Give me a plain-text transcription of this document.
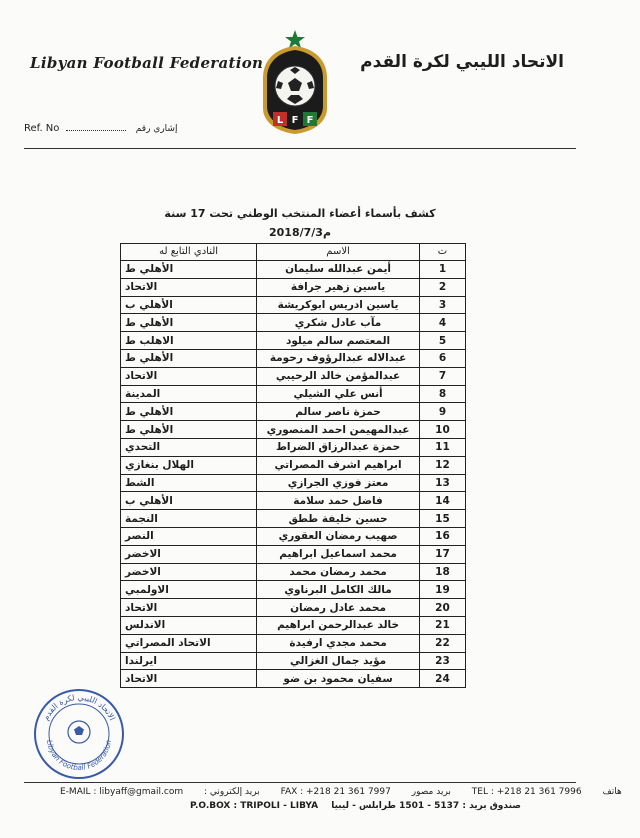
Libyan Football Federation
L F F
الاتحاد الليبي لكرة القدم
Ref. No	إشاري رقم
كشف بأسماء أعضاء المنتخب الوطني تحت 17 سنة
2018/7/3م
ت	الاسم	النادي التابع له
1	أيمن عبدالله سليمان	الأهلي ط
2	ياسين زهير جرافة	الاتحاد
3	ياسين ادريس ابوكريشة	الأهلي ب
4	مآب عادل شكري	الأهلي ط
5	المعتصم سالم ميلود	الاهلب ط
6	عبدالاله عبدالرؤوف رحومة	الأهلي ط
7	عبدالمؤمن خالد الرحيبي	الاتحاد
8	أنس علي الشيلي	المدينة
9	حمزة ناصر سالم	الأهلي ط
10	عبدالمهيمن احمد المنصوري	الأهلي ط
11	حمزة عبدالرزاق الضراط	التحدي
12	ابراهيم اشرف المصراتي	الهلال بنغازي
13	معتز فوزي الجرازي	الشط
14	فاضل حمد سلامة	الأهلي ب
15	حسين خليفة ططق	النجمة
16	صهيب رمضان العقوري	النصر
17	محمد اسماعيل ابراهيم	الاخضر
18	محمد رمضان محمد	الاخضر
19	مالك الكامل البرناوي	الاولمبي
20	محمد عادل رمضان	الاتحاد
21	خالد عبدالرحمن ابراهيم	الاندلس
22	محمد مجدي ارفيدة	الاتحاد المصراتي
23	مؤيد جمال الغزالي	ايرلندا
24	سفيان محمود بن ضو	الاتحاد
الاتحاد الليبي لكرة القدم
Libyan Football Federation
E-MAIL : libyaff@gmail.com : بريد إلكتروني FAX : +218 21 361 7997 بريد مصور TEL : +218 21 361 7996 هاتف
P.O.BOX : TRIPOLI - LIBYA صندوق بريد : 5137 - 1501 طرابلس - ليبيا
